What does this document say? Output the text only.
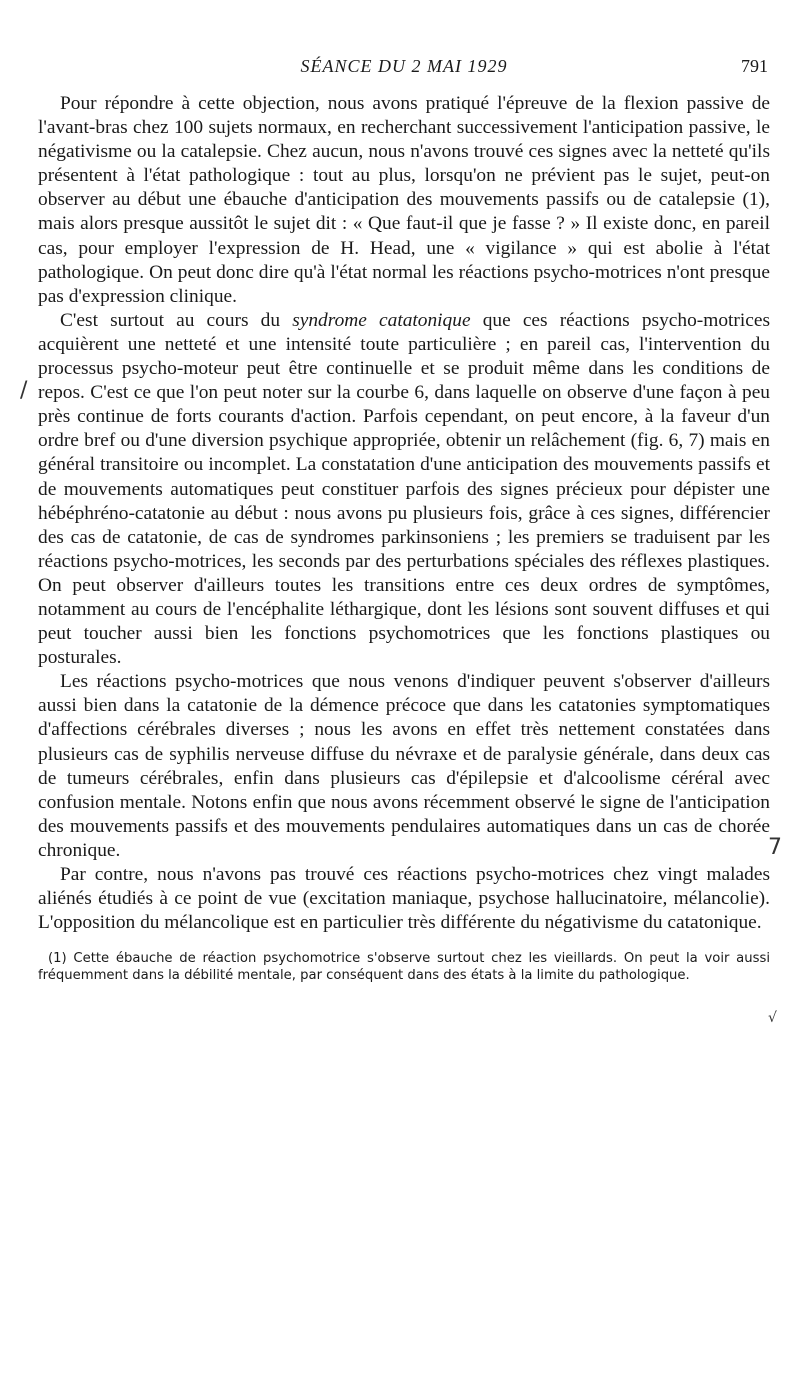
SÉANCE DU 2 MAI 1929	791

Pour répondre à cette objection, nous avons pratiqué l'épreuve de la flexion passive de l'avant-bras chez 100 sujets normaux, en recherchant successivement l'anticipation passive, le négativisme ou la catalepsie. Chez aucun, nous n'avons trouvé ces signes avec la netteté qu'ils présentent à l'état pathologique : tout au plus, lorsqu'on ne prévient pas le sujet, peut-on observer au début une ébauche d'anticipation des mouvements passifs ou de catalepsie (1), mais alors presque aussitôt le sujet dit : « Que faut-il que je fasse ? » Il existe donc, en pareil cas, pour employer l'expression de H. Head, une « vigilance » qui est abolie à l'état pathologique. On peut donc dire qu'à l'état normal les réactions psycho-motrices n'ont presque pas d'expression clinique.

C'est surtout au cours du syndrome catatonique que ces réactions psycho-motrices acquièrent une netteté et une intensité toute particulière ; en pareil cas, l'intervention du processus psycho-moteur peut être continuelle et se produit même dans les conditions de repos. C'est ce que l'on peut noter sur la courbe 6, dans laquelle on observe d'une façon à peu près continue de forts courants d'action. Parfois cependant, on peut encore, à la faveur d'un ordre bref ou d'une diversion psychique appropriée, obtenir un relâchement (fig. 6, 7) mais en général transitoire ou incomplet. La constatation d'une anticipation des mouvements passifs et de mouvements automatiques peut constituer parfois des signes précieux pour dépister une hébéphréno-catatonie au début : nous avons pu plusieurs fois, grâce à ces signes, différencier des cas de catatonie, de cas de syndromes parkinsoniens ; les premiers se traduisent par les réactions psycho-motrices, les seconds par des perturbations spéciales des réflexes plastiques. On peut observer d'ailleurs toutes les transitions entre ces deux ordres de symptômes, notamment au cours de l'encéphalite léthargique, dont les lésions sont souvent diffuses et qui peut toucher aussi bien les fonctions psychomotrices que les fonctions plastiques ou posturales.

Les réactions psycho-motrices que nous venons d'indiquer peuvent s'observer d'ailleurs aussi bien dans la catatonie de la démence précoce que dans les catatonies symptomatiques d'affections cérébrales diverses ; nous les avons en effet très nettement constatées dans plusieurs cas de syphilis nerveuse diffuse du névraxe et de paralysie générale, dans deux cas de tumeurs cérébrales, enfin dans plusieurs cas d'épilepsie et d'alcoolisme céréral avec confusion mentale. Notons enfin que nous avons récemment observé le signe de l'anticipation des mouvements passifs et des mouvements pendulaires automatiques dans un cas de chorée chronique.

Par contre, nous n'avons pas trouvé ces réactions psycho-motrices chez vingt malades aliénés étudiés à ce point de vue (excitation maniaque, psychose hallucinatoire, mélancolie). L'opposition du mélancolique est en particulier très différente du négativisme du catatonique.

(1) Cette ébauche de réaction psychomotrice s'observe surtout chez les vieillards. On peut la voir aussi fréquemment dans la débilité mentale, par conséquent dans des états à la limite du pathologique.

/
7
√
